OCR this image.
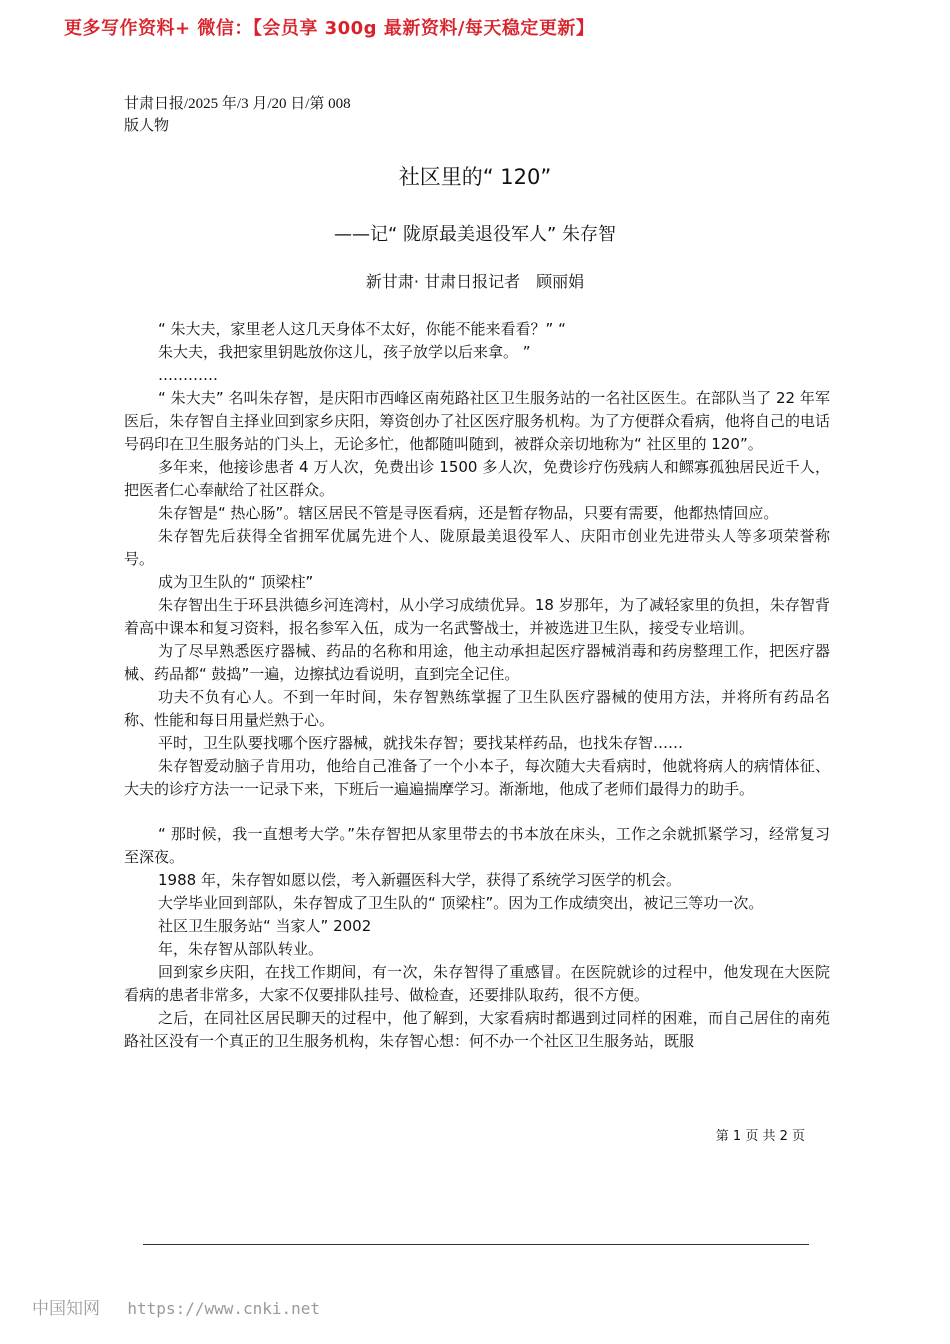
更多写作资料+ 微信：【会员享 300g 最新资料/每天稳定更新】
甘肃日报/2025 年/3 月/20 日/第 008
版人物
社区里的“ 120”
——记“ 陇原最美退役军人” 朱存智
新甘肃· 甘肃日报记者　顾丽娟

“ 朱大夫，家里老人这几天身体不太好，你能不能来看看？” “

朱大夫，我把家里钥匙放你这儿，孩子放学以后来拿。 ”

…………

“ 朱大夫” 名叫朱存智，是庆阳市西峰区南苑路社区卫生服务站的一名社区医生。在部队当了 22 年军医后，朱存智自主择业回到家乡庆阳，筹资创办了社区医疗服务机构。为了方便群众看病，他将自己的电话号码印在卫生服务站的门头上，无论多忙，他都随叫随到，被群众亲切地称为“ 社区里的 120”。

多年来，他接诊患者 4 万人次，免费出诊 1500 多人次，免费诊疗伤残病人和鳏寡孤独居民近千人，把医者仁心奉献给了社区群众。

朱存智是“ 热心肠”。辖区居民不管是寻医看病，还是暂存物品，只要有需要，他都热情回应。

朱存智先后获得全省拥军优属先进个人、陇原最美退役军人、庆阳市创业先进带头人等多项荣誉称号。

成为卫生队的“ 顶梁柱”

朱存智出生于环县洪德乡河连湾村，从小学习成绩优异。18 岁那年，为了减轻家里的负担，朱存智背着高中课本和复习资料，报名参军入伍，成为一名武警战士，并被选进卫生队，接受专业培训。

为了尽早熟悉医疗器械、药品的名称和用途，他主动承担起医疗器械消毒和药房整理工作，把医疗器械、药品都“ 鼓捣”一遍，边擦拭边看说明，直到完全记住。

功夫不负有心人。不到一年时间，朱存智熟练掌握了卫生队医疗器械的使用方法，并将所有药品名称、性能和每日用量烂熟于心。

平时，卫生队要找哪个医疗器械，就找朱存智；要找某样药品，也找朱存智……

朱存智爱动脑子肯用功，他给自己准备了一个小本子，每次随大夫看病时，他就将病人的病情体征、大夫的诊疗方法一一记录下来，下班后一遍遍揣摩学习。渐渐地，他成了老师们最得力的助手。

“ 那时候，我一直想考大学。”朱存智把从家里带去的书本放在床头，工作之余就抓紧学习，经常复习至深夜。

1988 年，朱存智如愿以偿，考入新疆医科大学，获得了系统学习医学的机会。

大学毕业回到部队，朱存智成了卫生队的“ 顶梁柱”。因为工作成绩突出，被记三等功一次。

社区卫生服务站“ 当家人” 2002

年，朱存智从部队转业。

回到家乡庆阳，在找工作期间，有一次，朱存智得了重感冒。在医院就诊的过程中，他发现在大医院看病的患者非常多，大家不仅要排队挂号、做检查，还要排队取药，很不方便。

之后，在同社区居民聊天的过程中，他了解到，大家看病时都遇到过同样的困难，而自己居住的南苑路社区没有一个真正的卫生服务机构，朱存智心想：何不办一个社区卫生服务站，既服

第 1 页 共 2 页
中国知网 https://www.cnki.net
